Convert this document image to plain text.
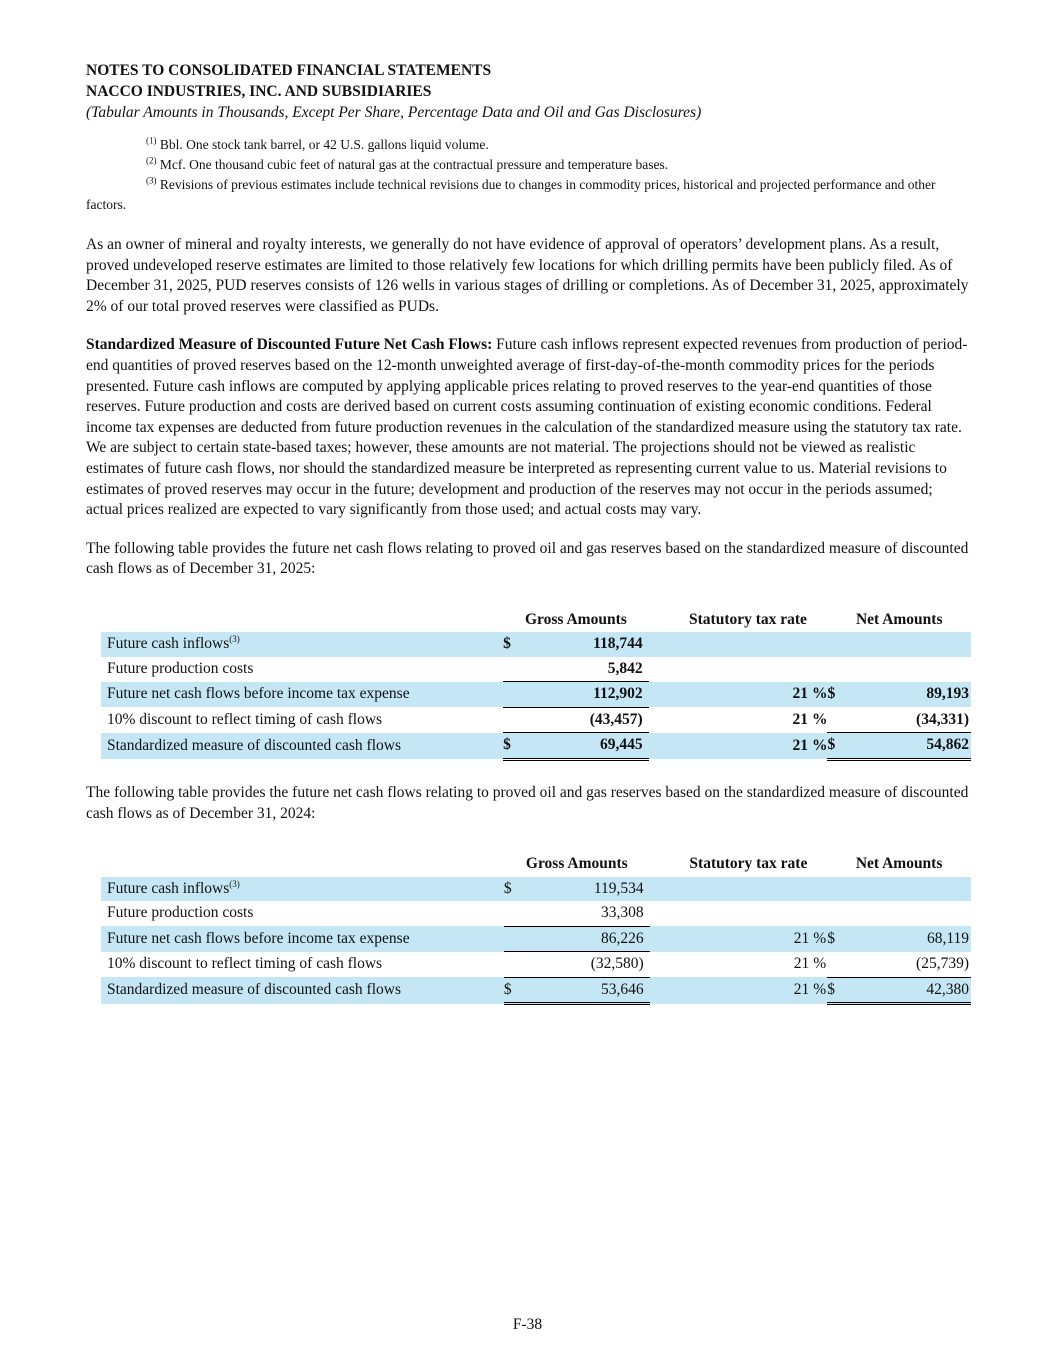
NOTES TO CONSOLIDATED FINANCIAL STATEMENTS
NACCO INDUSTRIES, INC. AND SUBSIDIARIES
(Tabular Amounts in Thousands, Except Per Share, Percentage Data and Oil and Gas Disclosures)
$^{(1)}$ Bbl. One stock tank barrel, or 42 U.S. gallons liquid volume.
$^{(2)}$ Mcf. One thousand cubic feet of natural gas at the contractual pressure and temperature bases.
$^{(3)}$ Revisions of previous estimates include technical revisions due to changes in commodity prices, historical and projected performance and other factors.

As an owner of mineral and royalty interests, we generally do not have evidence of approval of operators’ development plans. As a result, proved undeveloped reserve estimates are limited to those relatively few locations for which drilling permits have been publicly filed. As of December 31, 2025, PUD reserves consists of 126 wells in various stages of drilling or completions. As of December 31, 2025, approximately 2% of our total proved reserves were classified as PUDs.

Standardized Measure of Discounted Future Net Cash Flows: Future cash inflows represent expected revenues from production of period-end quantities of proved reserves based on the 12-month unweighted average of first-day-of-the-month commodity prices for the periods presented. Future cash inflows are computed by applying applicable prices relating to proved reserves to the year-end quantities of those reserves. Future production and costs are derived based on current costs assuming continuation of existing economic conditions. Federal income tax expenses are deducted from future production revenues in the calculation of the standardized measure using the statutory tax rate. We are subject to certain state-based taxes; however, these amounts are not material. The projections should not be viewed as realistic estimates of future cash flows, nor should the standardized measure be interpreted as representing current value to us. Material revisions to estimates of proved reserves may occur in the future; development and production of the reserves may not occur in the periods assumed; actual prices realized are expected to vary significantly from those used; and actual costs may vary.

The following table provides the future net cash flows relating to proved oil and gas reserves based on the standardized measure of discounted cash flows as of December 31, 2025:

	Gross Amounts			Statutory tax rate		Net Amounts	
Future cash inflows$^{(3)}$	$	118,744					
Future production costs		5,842					
Future net cash flows before income tax expense		112,902		21	%	$	89,193
10% discount to reflect timing of cash flows		(43,457)		21	%		(34,331)
Standardized measure of discounted cash flows	$	69,445		21	%	$	54,862

The following table provides the future net cash flows relating to proved oil and gas reserves based on the standardized measure of discounted cash flows as of December 31, 2024:

	Gross Amounts			Statutory tax rate		Net Amounts	
Future cash inflows$^{(3)}$	$	119,534					
Future production costs		33,308					
Future net cash flows before income tax expense		86,226		21	%	$	68,119
10% discount to reflect timing of cash flows		(32,580)		21	%		(25,739)
Standardized measure of discounted cash flows	$	53,646		21	%	$	42,380
F-38
